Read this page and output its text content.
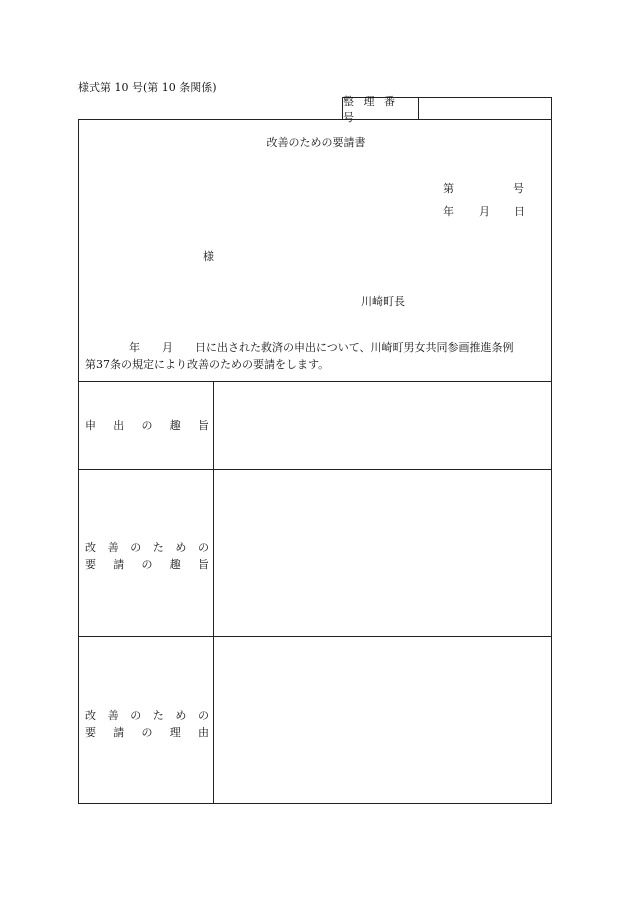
様式第 10 号(第 10 条関係)
整 理 番 号
改善のための要請書
第	号
年 月 日
様
川崎町長
　　　　年　　月　　日に出された救済の申出について、川崎町男女共同参画推進条例
第37条の規定により改善のための要請をします。
申 出 の 趣 旨
改 善 の た め の
要 請 の 趣 旨
改 善 の た め の
要 請 の 理 由
